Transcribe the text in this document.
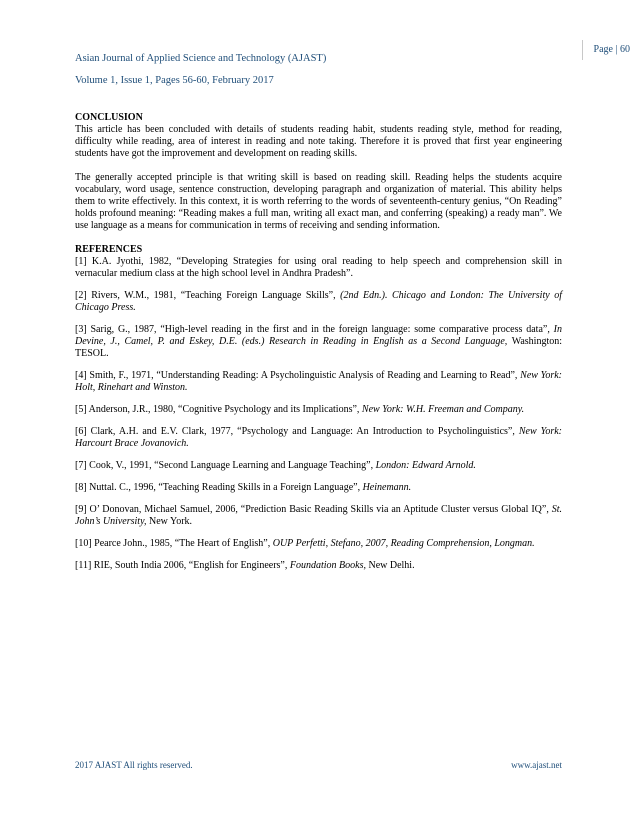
Page | 60
Asian Journal of Applied Science and Technology (AJAST)
Volume 1, Issue 1, Pages 56-60, February 2017
CONCLUSION

This article has been concluded with details of students reading habit, students reading style, method for reading, difficulty while reading, area of interest in reading and note taking. Therefore it is proved that first year engineering students have got the improvement and development on reading skills.

The generally accepted principle is that writing skill is based on reading skill. Reading helps the students acquire vocabulary, word usage, sentence construction, developing paragraph and organization of material. This ability helps them to write effectively. In this context, it is worth referring to the words of seventeenth-century genius, “On Reading” holds profound meaning: “Reading makes a full man, writing all exact man, and conferring (speaking) a ready man”. We use language as a means for communication in terms of receiving and sending information.

REFERENCES

[1] K.A. Jyothi, 1982, “Developing Strategies for using oral reading to help speech and comprehension skill in vernacular medium class at the high school level in Andhra Pradesh”.

[2] Rivers, W.M., 1981, “Teaching Foreign Language Skills”, (2nd Edn.). Chicago and London: The University of Chicago Press.

[3] Sarig, G., 1987, “High-level reading in the first and in the foreign language: some comparative process data”, In Devine, J., Camel, P. and Eskey, D.E. (eds.) Research in Reading in English as a Second Language, Washington: TESOL.

[4] Smith, F., 1971, “Understanding Reading: A Psycholinguistic Analysis of Reading and Learning to Read”, New York: Holt, Rinehart and Winston.

[5] Anderson, J.R., 1980, “Cognitive Psychology and its Implications”, New York: W.H. Freeman and Company.

[6] Clark, A.H. and E.V. Clark, 1977, “Psychology and Language: An Introduction to Psycholinguistics”, New York: Harcourt Brace Jovanovich.

[7] Cook, V., 1991, “Second Language Learning and Language Teaching”, London: Edward Arnold.

[8] Nuttal. C., 1996, “Teaching Reading Skills in a Foreign Language”, Heinemann.

[9] O’ Donovan, Michael Samuel, 2006, “Prediction Basic Reading Skills via an Aptitude Cluster versus Global IQ”, St. John’s University, New York.

[10] Pearce John., 1985, “The Heart of English”, OUP Perfetti, Stefano, 2007, Reading Comprehension, Longman.

[11] RIE, South India 2006, “English for Engineers”, Foundation Books, New Delhi.

2017 AJAST All rights reserved.	www.ajast.net
